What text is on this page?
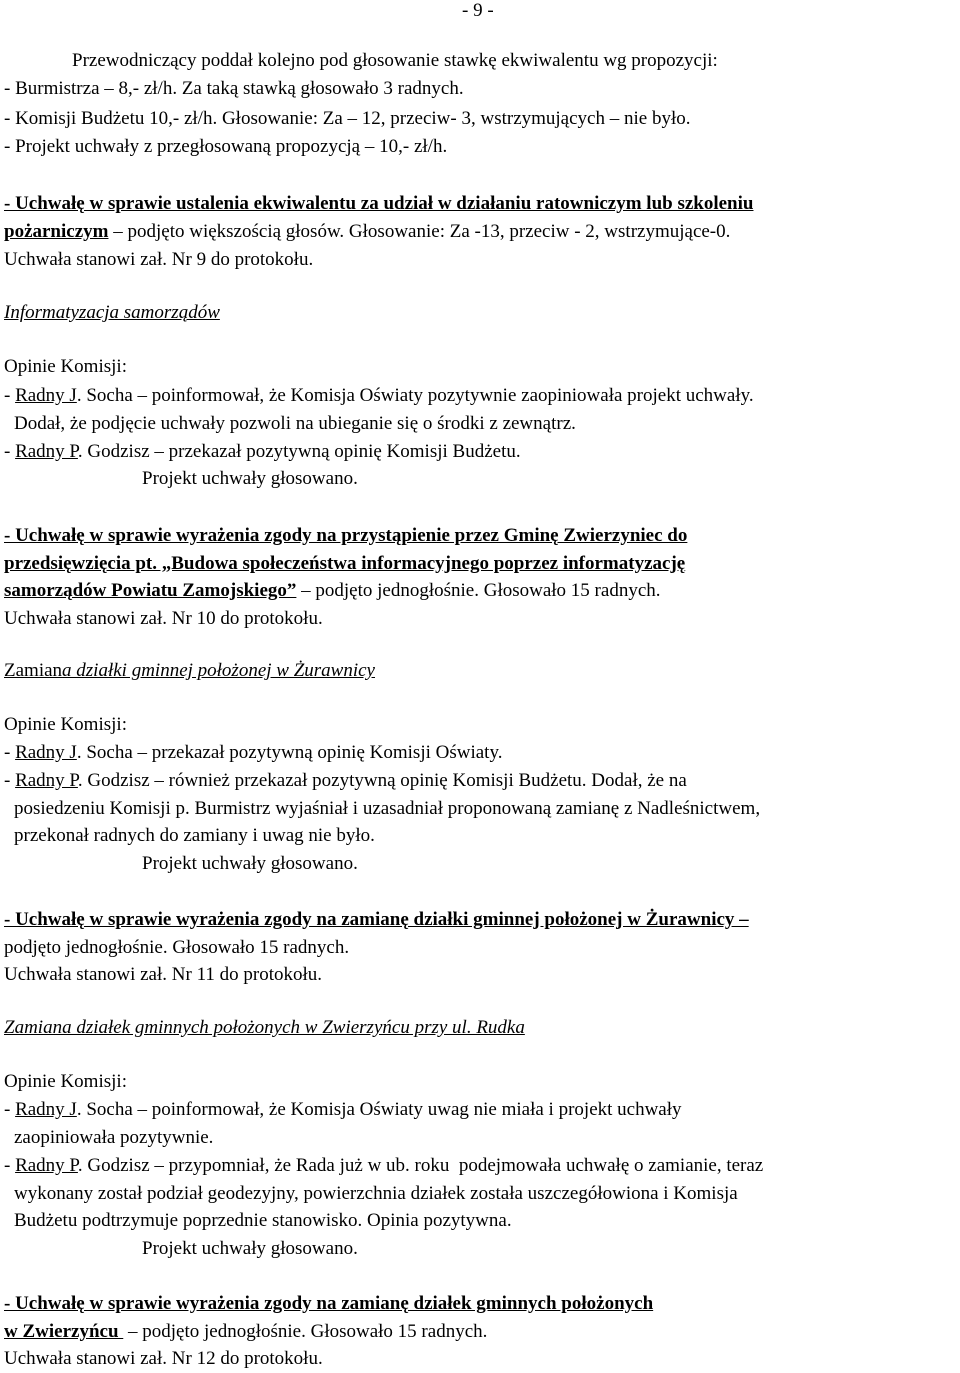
- 9 -
Przewodniczący poddał kolejno pod głosowanie stawkę ekwiwalentu wg propozycji:
- Burmistrza – 8,- zł/h. Za taką stawką głosowało 3 radnych.
- Komisji Budżetu 10,- zł/h. Głosowanie: Za – 12, przeciw- 3, wstrzymujących – nie było.
- Projekt uchwały z przegłosowaną propozycją – 10,- zł/h.
- Uchwałę w sprawie ustalenia ekwiwalentu za udział w działaniu ratowniczym lub szkoleniu
pożarniczym – podjęto większością głosów. Głosowanie: Za -13, przeciw - 2, wstrzymujące-0.
Uchwała stanowi zał. Nr 9 do protokołu.
Informatyzacja samorządów
Opinie Komisji:
- Radny J. Socha – poinformował, że Komisja Oświaty pozytywnie zaopiniowała projekt uchwały.
Dodał, że podjęcie uchwały pozwoli na ubieganie się o środki z zewnątrz.
- Radny P. Godzisz – przekazał pozytywną opinię Komisji Budżetu.
Projekt uchwały głosowano.
- Uchwałę w sprawie wyrażenia zgody na przystąpienie przez Gminę Zwierzyniec do
przedsięwzięcia pt. „Budowa społeczeństwa informacyjnego poprzez informatyzację
samorządów Powiatu Zamojskiego” – podjęto jednogłośnie. Głosowało 15 radnych.
Uchwała stanowi zał. Nr 10 do protokołu.
Zamiana działki gminnej położonej w Żurawnicy
Opinie Komisji:
- Radny J. Socha – przekazał pozytywną opinię Komisji Oświaty.
- Radny P. Godzisz – również przekazał pozytywną opinię Komisji Budżetu. Dodał, że na
posiedzeniu Komisji p. Burmistrz wyjaśniał i uzasadniał proponowaną zamianę z Nadleśnictwem,
przekonał radnych do zamiany i uwag nie było.
Projekt uchwały głosowano.
- Uchwałę w sprawie wyrażenia zgody na zamianę działki gminnej położonej w Żurawnicy –
podjęto jednogłośnie. Głosowało 15 radnych.
Uchwała stanowi zał. Nr 11 do protokołu.
Zamiana działek gminnych położonych w Zwierzyńcu przy ul. Rudka
Opinie Komisji:
- Radny J. Socha – poinformował, że Komisja Oświaty uwag nie miała i projekt uchwały
zaopiniowała pozytywnie.
- Radny P. Godzisz – przypomniał, że Rada już w ub. roku  podejmowała uchwałę o zamianie, teraz
wykonany został podział geodezyjny, powierzchnia działek została uszczegółowiona i Komisja
Budżetu podtrzymuje poprzednie stanowisko. Opinia pozytywna.
Projekt uchwały głosowano.
- Uchwałę w sprawie wyrażenia zgody na zamianę działek gminnych położonych
w Zwierzyńcu  – podjęto jednogłośnie. Głosowało 15 radnych.
Uchwała stanowi zał. Nr 12 do protokołu.
